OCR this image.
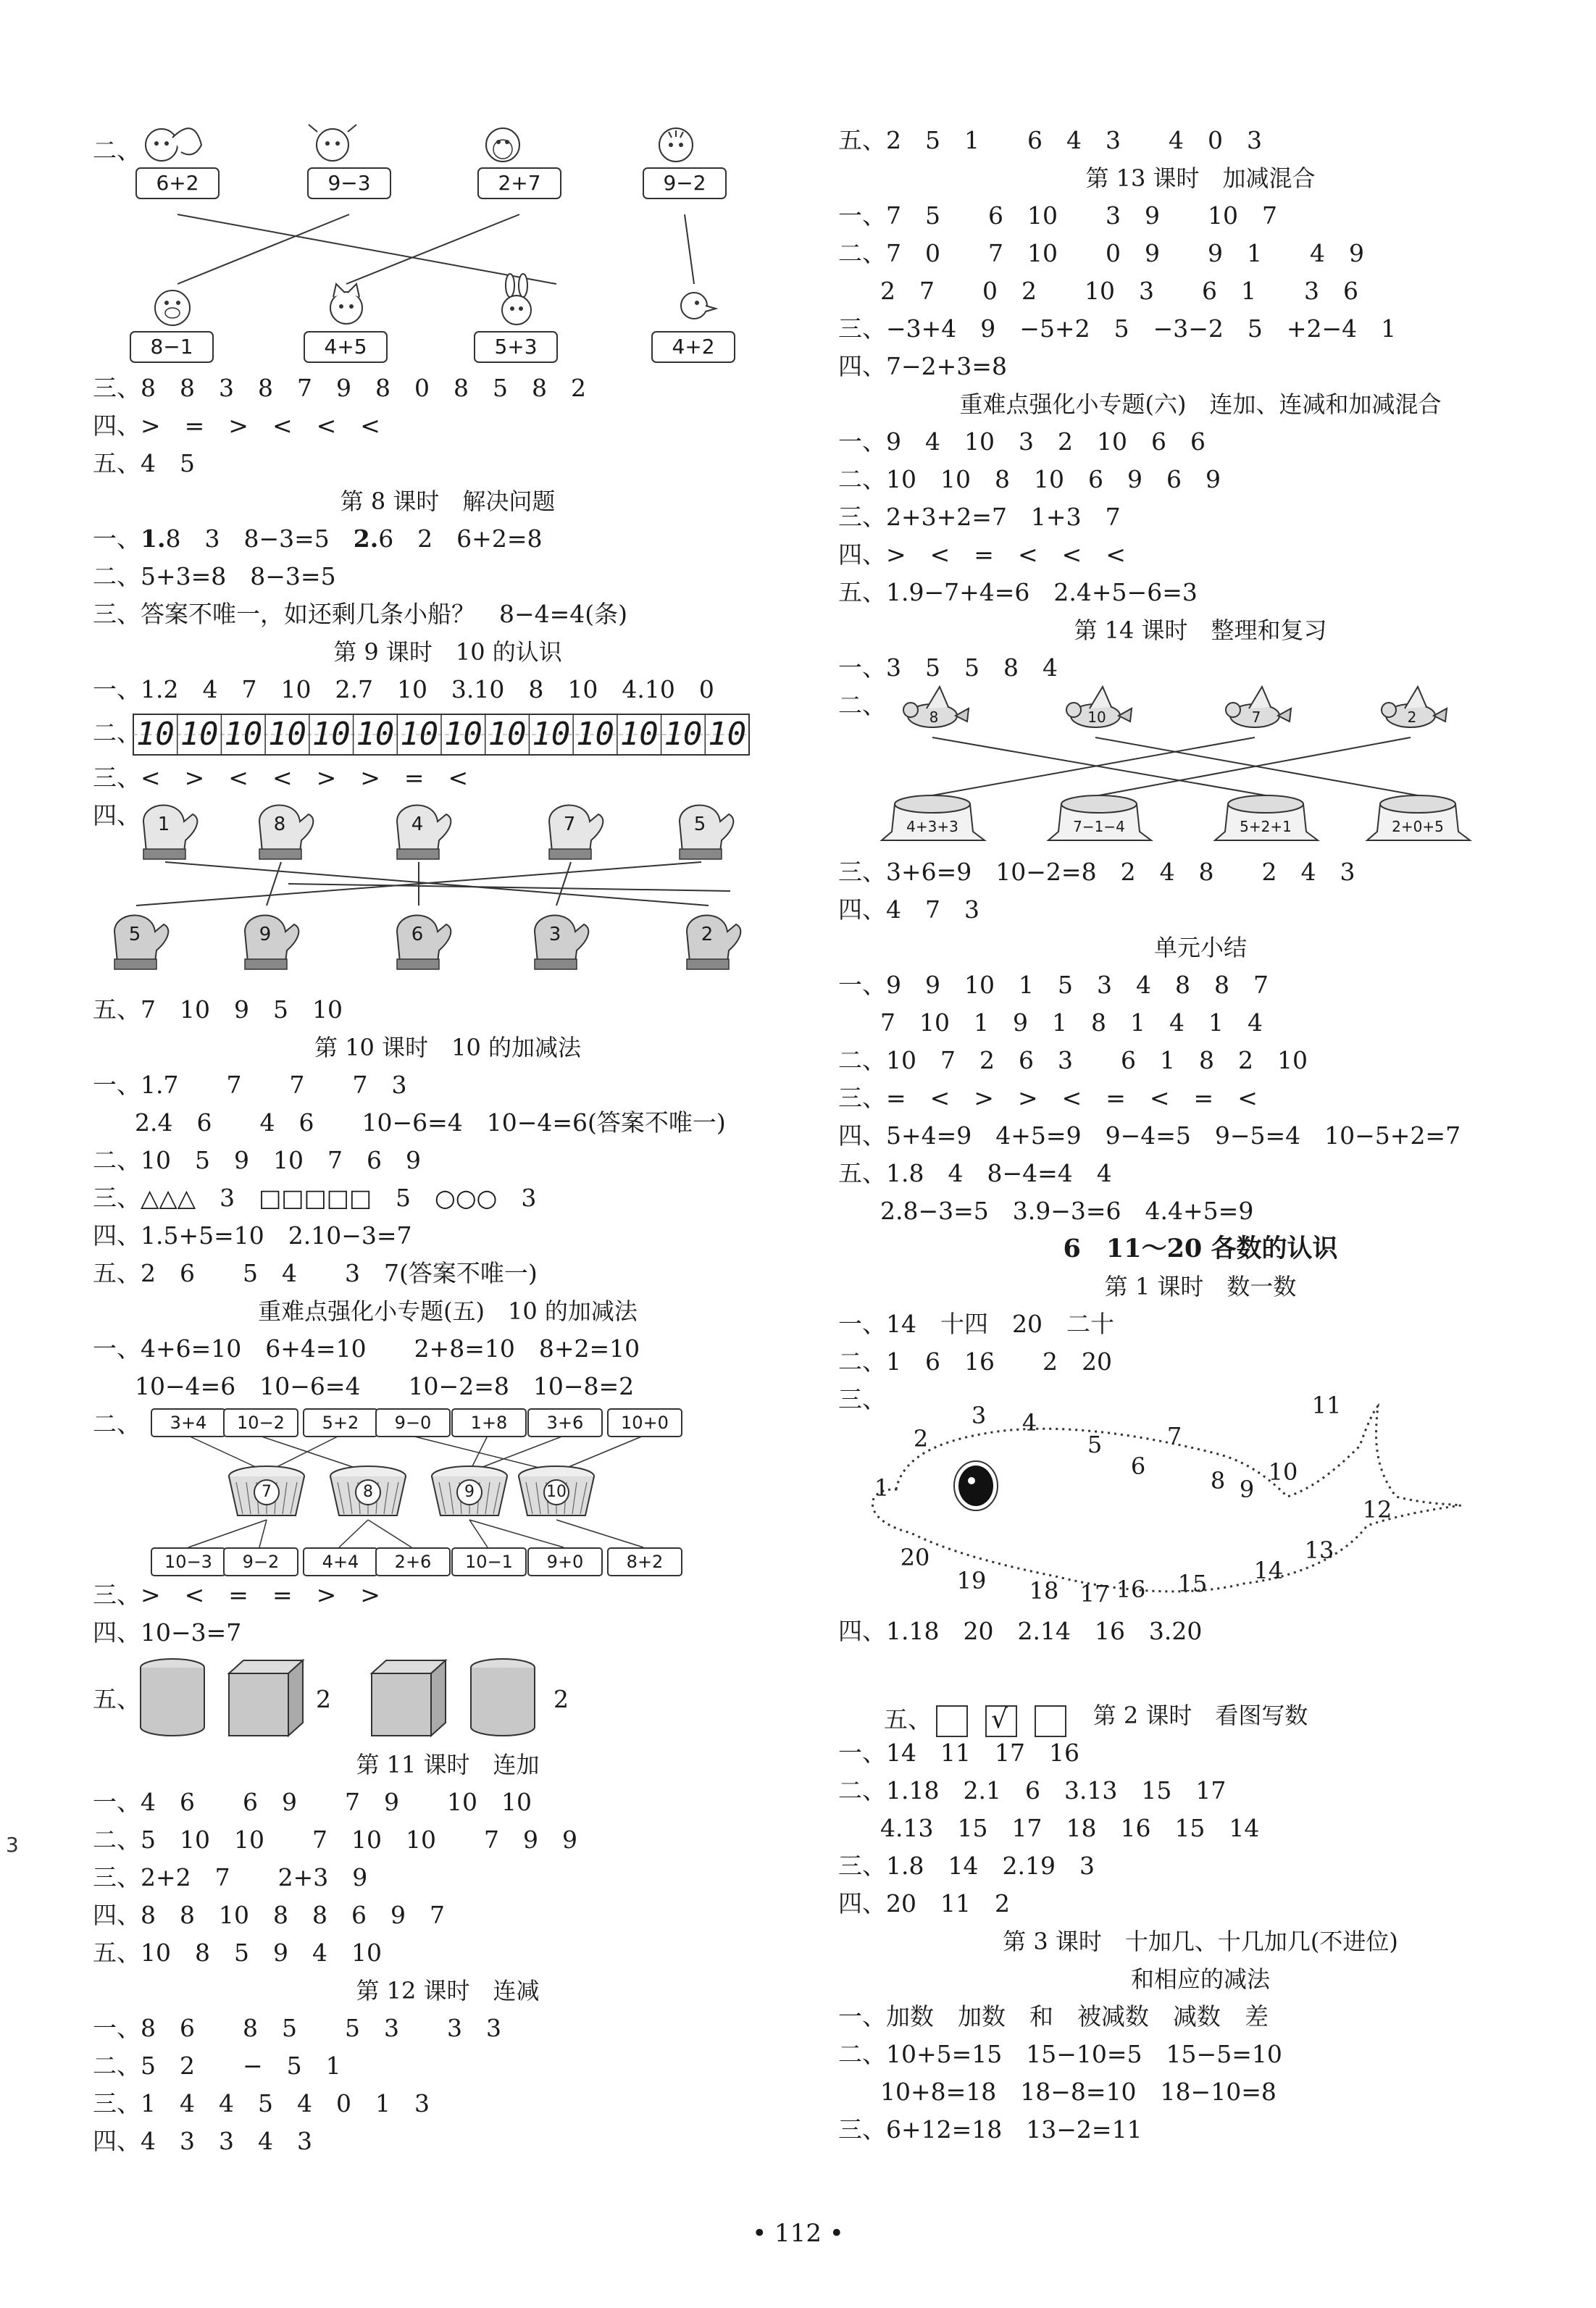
二、
6+2	9−3	2+7	9−2
8−1	4+5	5+3	4+2
三、8　8　3　8　7　9　8　0　8　5　8　2
四、>　=　>　<　<　<
五、4　5
第 8 课时　解决问题
一、1.8　3　8−3=5　2.6　2　6+2=8
二、5+3=8　8−3=5
三、答案不唯一，如还剩几条小船？　8−4=4(条)
第 9 课时　10 的认识
一、1.2　4　7　10　2.7　10　3.10　8　10　4.10　0
二、
10 10 10 10 10 10 10 10 10 10 10 10 10 10
三、<　>　<　<　>　>　=　<
四、 1	8	4	7	5
5	9	6	3	2
五、7　10　9　5　10
第 10 课时　10 的加减法
一、1.7　　7　　7　　7　3
2.4　6　　4　6　　10−6=4　10−4=6(答案不唯一)
二、10　5　9　10　7　6　9
三、△△△　3　□□□□□　5　○○○　3
四、1.5+5=10　2.10−3=7
五、2　6　　5　4　　3　7(答案不唯一)
重难点强化小专题(五)　10 的加减法
一、4+6=10　6+4=10　　2+8=10　8+2=10
10−4=6　10−6=4　　10−2=8　10−8=2
二、	3+4	10−2	5+2	9−0	1+8	3+6	10+0
10−3	9−2	4+4	2+6	10−1	9+0	8+2
7	8	9	10
三、>　<　=　=　>　>
四、10−3=7
五、	2	2
第 11 课时　连加
一、4　6　　6　9　　7　9　　10　10
二、5　10　10　　7　10　10　　7　9　9
三、2+2　7　　2+3　9
四、8　8　10　8　8　6　9　7
五、10　8　5　9　4　10
第 12 课时　连减
一、8　6　　8　5　　5　3　　3　3
二、5　2　　−　5　1
三、1　4　4　5　4　0　1　3
四、4　3　3　4　3
五、2　5　1　　6　4　3　　4　0　3
第 13 课时　加减混合
一、7　5　　6　10　　3　9　　10　7
二、7　0　　7　10　　0　9　　9　1　　4　9
2　7　　0　2　　10　3　　6　1　　3　6
三、−3+4　9　−5+2　5　−3−2　5　+2−4　1
四、7−2+3=8
重难点强化小专题(六)　连加、连减和加减混合
一、9　4　10　3　2　10　6　6
二、10　10　8　10　6　9　6　9
三、2+3+2=7　1+3　7
四、>　<　=　<　<　<
五、1.9−7+4=6　2.4+5−6=3
第 14 课时　整理和复习
一、3　5　5　8　4
二、	8	10	7	2
4+3+3	7−1−4	5+2+1	2+0+5
三、3+6=9　10−2=8　2　4　8　　2　4　3
四、4　7　3
单元小结
一、9　9　10　1　5　3　4　8　8　7
7　10　1　9　1　8　1　4　1　4
二、10　7　2　6　3　　6　1　8　2　10
三、=　<　>　>　<　=　<　=　<
四、5+4=9　4+5=9　9−4=5　9−5=4　10−5+2=7
五、1.8　4　8−4=4　4
2.8−3=5　3.9−3=6　4.4+5=9
6　11～20 各数的认识
第 1 课时　数一数
一、14　十四　20　二十
二、1　6　16　　2　20
三、
1
2
3	4
5
6
7
8 9
10
11
12
13
14
15
16
17
18
19
20
四、1.18　20　2.14　16　3.20

五、 √

	第 2 课时　看图写数
一、14　11　17　16
二、1.18　2.1　6　3.13　15　17
4.13　15　17　18　16　15　14
三、1.8　14　2.19　3
四、20　11　2
第 3 课时　十加几、十几加几(不进位)
和相应的减法
一、加数　加数　和　被减数　减数　差
二、10+5=15　15−10=5　15−5=10
10+8=18　18−8=10　18−10=8
三、6+12=18　13−2=11
• 112 •
3
